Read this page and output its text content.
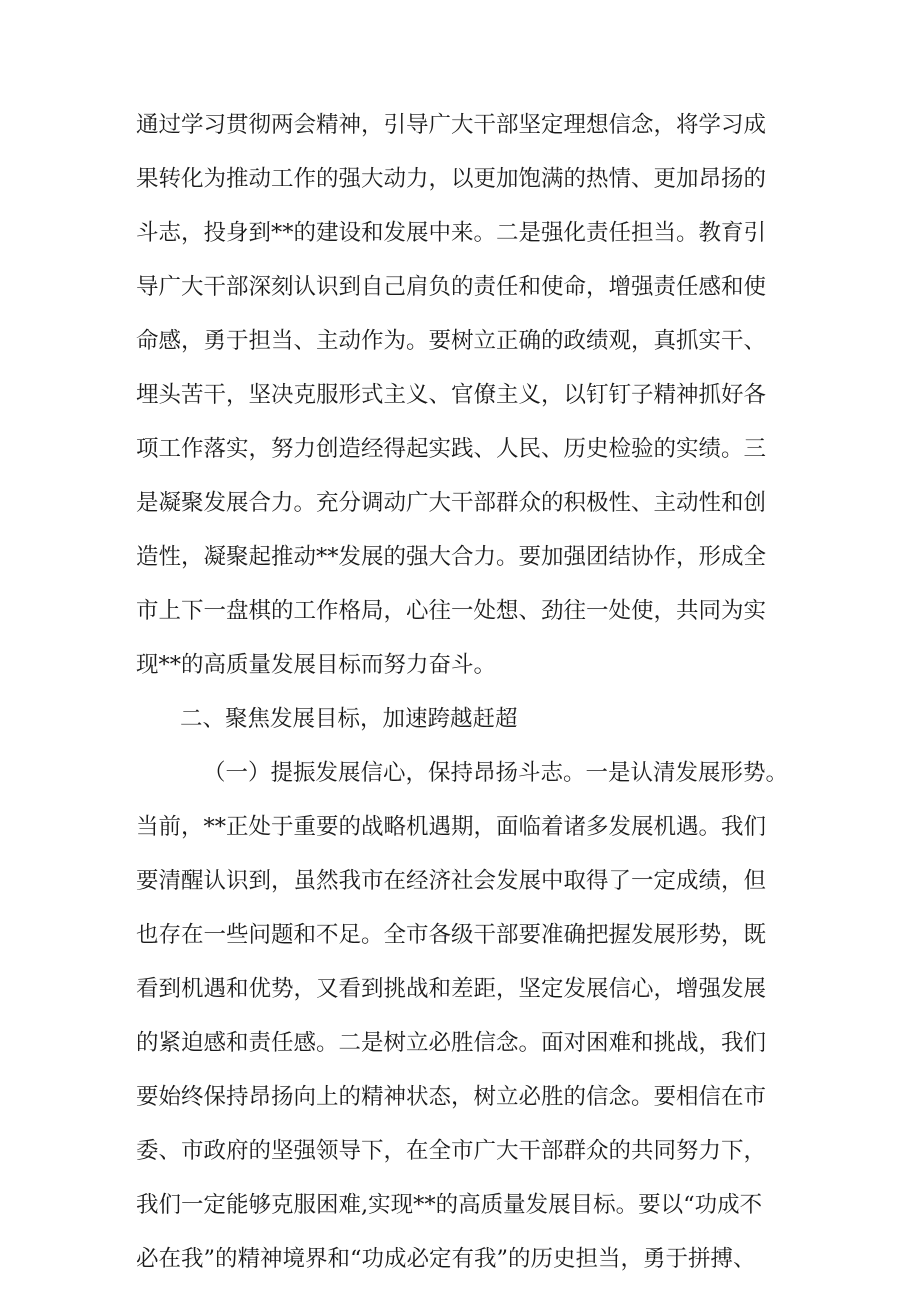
通过学习贯彻两会精神，引导广大干部坚定理想信念，将学习成
果转化为推动工作的强大动力，以更加饱满的热情、更加昂扬的
斗志，投身到**的建设和发展中来。二是强化责任担当。教育引
导广大干部深刻认识到自己肩负的责任和使命，增强责任感和使
命感，勇于担当、主动作为。要树立正确的政绩观，真抓实干、
埋头苦干，坚决克服形式主义、官僚主义，以钉钉子精神抓好各
项工作落实，努力创造经得起实践、人民、历史检验的实绩。三
是凝聚发展合力。充分调动广大干部群众的积极性、主动性和创
造性，凝聚起推动**发展的强大合力。要加强团结协作，形成全
市上下一盘棋的工作格局，心往一处想、劲往一处使，共同为实
现**的高质量发展目标而努力奋斗。
二、聚焦发展目标，加速跨越赶超
（一）提振发展信心，保持昂扬斗志。一是认清发展形势。
当前，**正处于重要的战略机遇期，面临着诸多发展机遇。我们
要清醒认识到，虽然我市在经济社会发展中取得了一定成绩，但
也存在一些问题和不足。全市各级干部要准确把握发展形势，既
看到机遇和优势，又看到挑战和差距，坚定发展信心，增强发展
的紧迫感和责任感。二是树立必胜信念。面对困难和挑战，我们
要始终保持昂扬向上的精神状态，树立必胜的信念。要相信在市
委、市政府的坚强领导下，在全市广大干部群众的共同努力下，
我们一定能够克服困难,实现**的高质量发展目标。要以“功成不
必在我”的精神境界和“功成必定有我”的历史担当，勇于拼搏、
